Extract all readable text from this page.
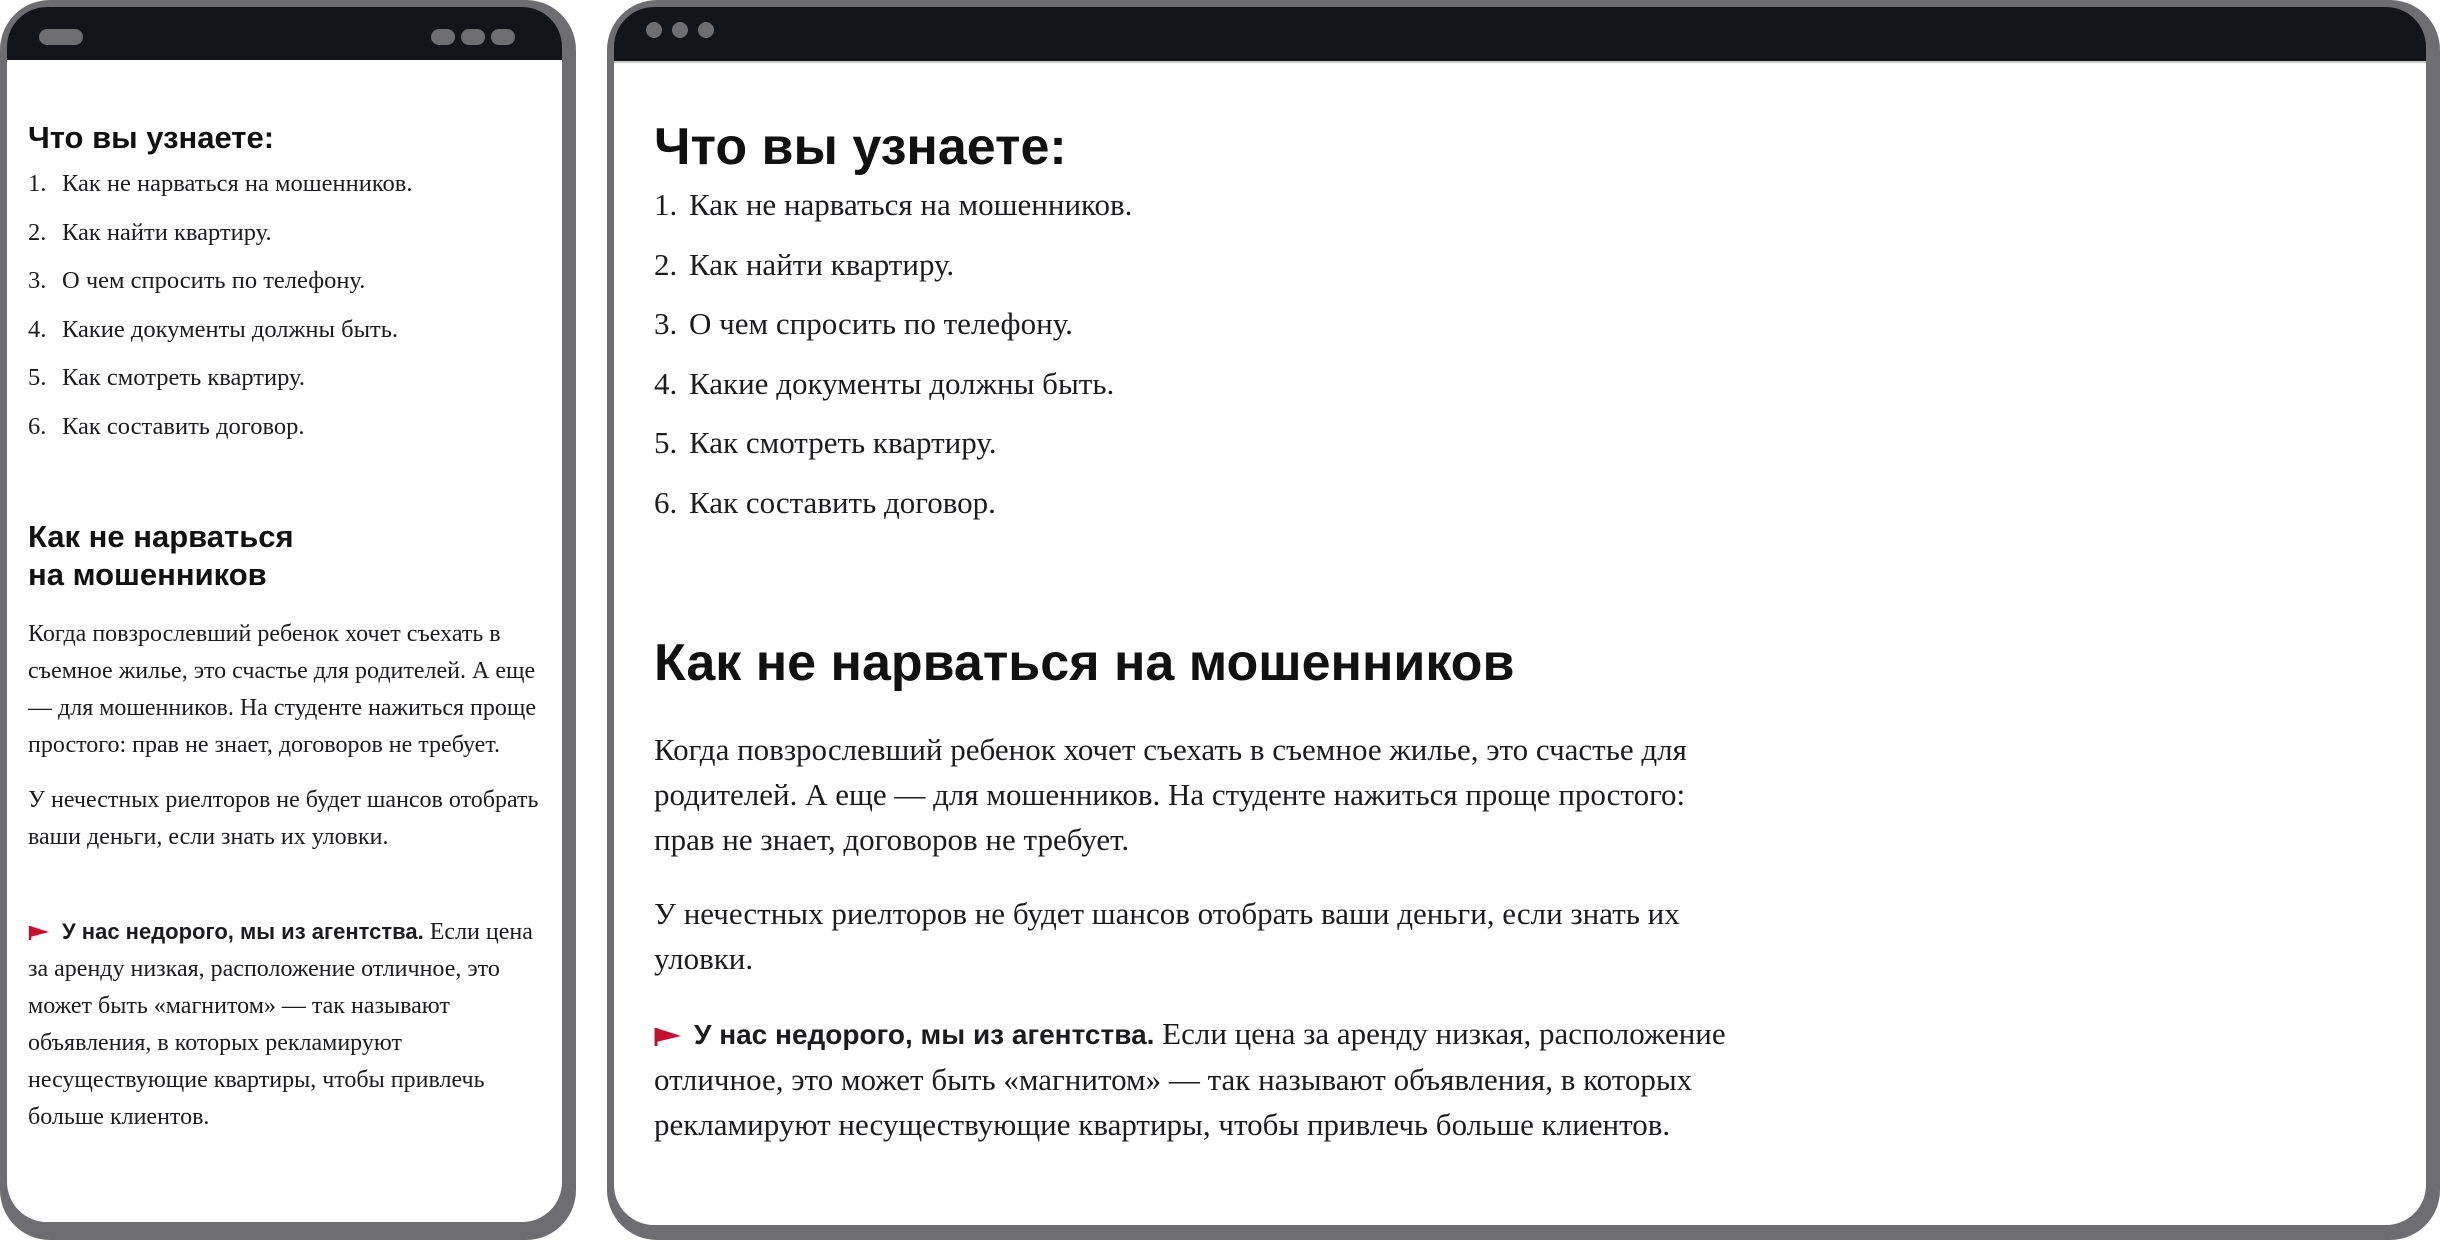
Что вы узнаете:
1. Как не нарваться на мошенников.
2. Как найти квартиру.
3. О чем спросить по телефону.
4. Какие документы должны быть.
5. Как смотреть квартиру.
6. Как составить договор.
Как не нарваться
на мошенников

Когда повзрослевший ребенок хочет съехать в съемное жилье, это счастье для родителей. А еще — для мошенников. На студенте нажиться проще простого: прав не знает, договоров не требует.

У нечестных риелторов не будет шансов отобрать ваши деньги, если знать их уловки.

У нас недорого, мы из агентства. Если цена за аренду низкая, расположение отличное, это может быть «магнитом» — так называют объявления, в которых рекламируют несуществующие квартиры, чтобы привлечь больше клиентов.

Что вы узнаете:
1. Как не нарваться на мошенников.
2. Как найти квартиру.
3. О чем спросить по телефону.
4. Какие документы должны быть.
5. Как смотреть квартиру.
6. Как составить договор.
Как не нарваться на мошенников

Когда повзрослевший ребенок хочет съехать в съемное жилье, это счастье для родителей. А еще — для мошенников. На студенте нажиться проще простого: прав не знает, договоров не требует.

У нечестных риелторов не будет шансов отобрать ваши деньги, если знать их уловки.

У нас недорого, мы из агентства. Если цена за аренду низкая, расположение отличное, это может быть «магнитом» — так называют объявления, в которых рекламируют несуществующие квартиры, чтобы привлечь больше клиентов.
